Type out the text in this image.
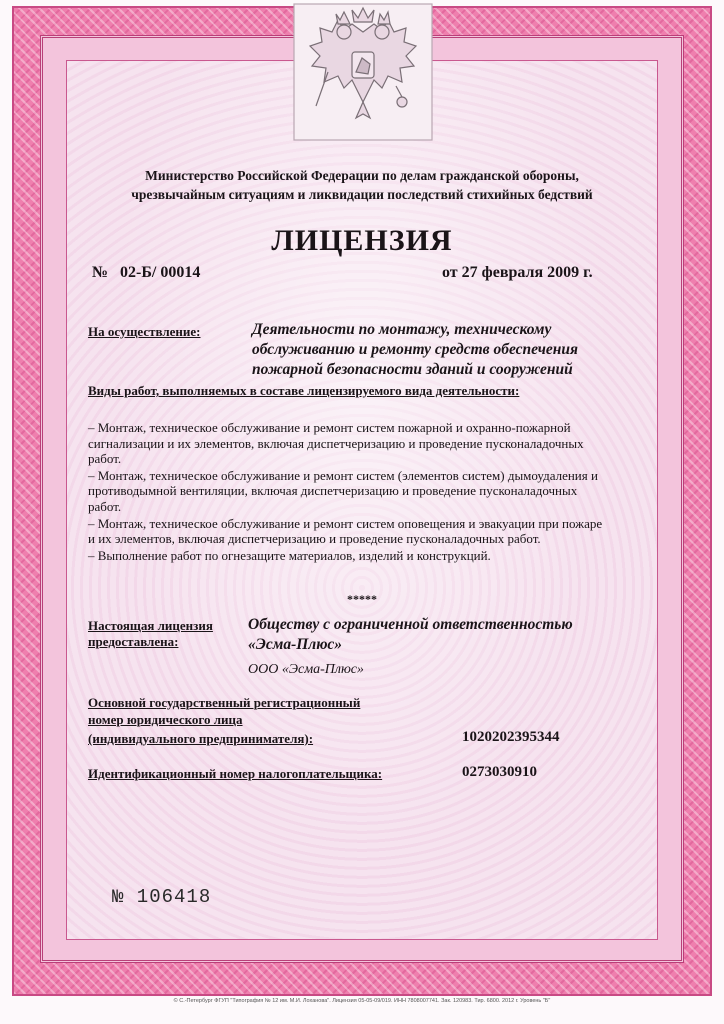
Министерство Российской Федерации по делам гражданской обороны,
чрезвычайным ситуациям и ликвидации последствий стихийных бедствий
ЛИЦЕНЗИЯ
№ 02-Б/ 00014	от 27 февраля 2009 г.
На осуществление:	Деятельности по монтажу, техническому
обслуживанию и ремонту средств обеспечения
пожарной безопасности зданий и сооружений
Виды работ, выполняемых в составе лицензируемого вида деятельности:

– Монтаж, техническое обслуживание и ремонт систем пожарной и охранно-пожарной сигнализации и их элементов, включая диспетчеризацию и проведение пусконаладочных работ.

– Монтаж, техническое обслуживание и ремонт систем (элементов систем) дымоудаления и противодымной вентиляции, включая диспетчеризацию и проведение пусконаладочных работ.

– Монтаж, техническое обслуживание и ремонт систем оповещения и эвакуации при пожаре и их элементов, включая диспетчеризацию и проведение пусконаладочных работ.

– Выполнение работ по огнезащите материалов, изделий и конструкций.

*****
Настоящая лицензия
предоставлена:
Обществу с ограниченной ответственностью
«Эсма-Плюс»
ООО «Эсма-Плюс»
Основной государственный регистрационный
номер юридического лица
(индивидуального предпринимателя):	1020202395344
Идентификационный номер налогоплательщика:	0273030910
№ 106418
© С.-Петербург ФГУП "Типография № 12 им. М.И. Лоханова". Лицензия 05-05-09/019. ИНН 7808007741. Зак. 120983. Тир. 6800. 2012 г. Уровень "Б"
